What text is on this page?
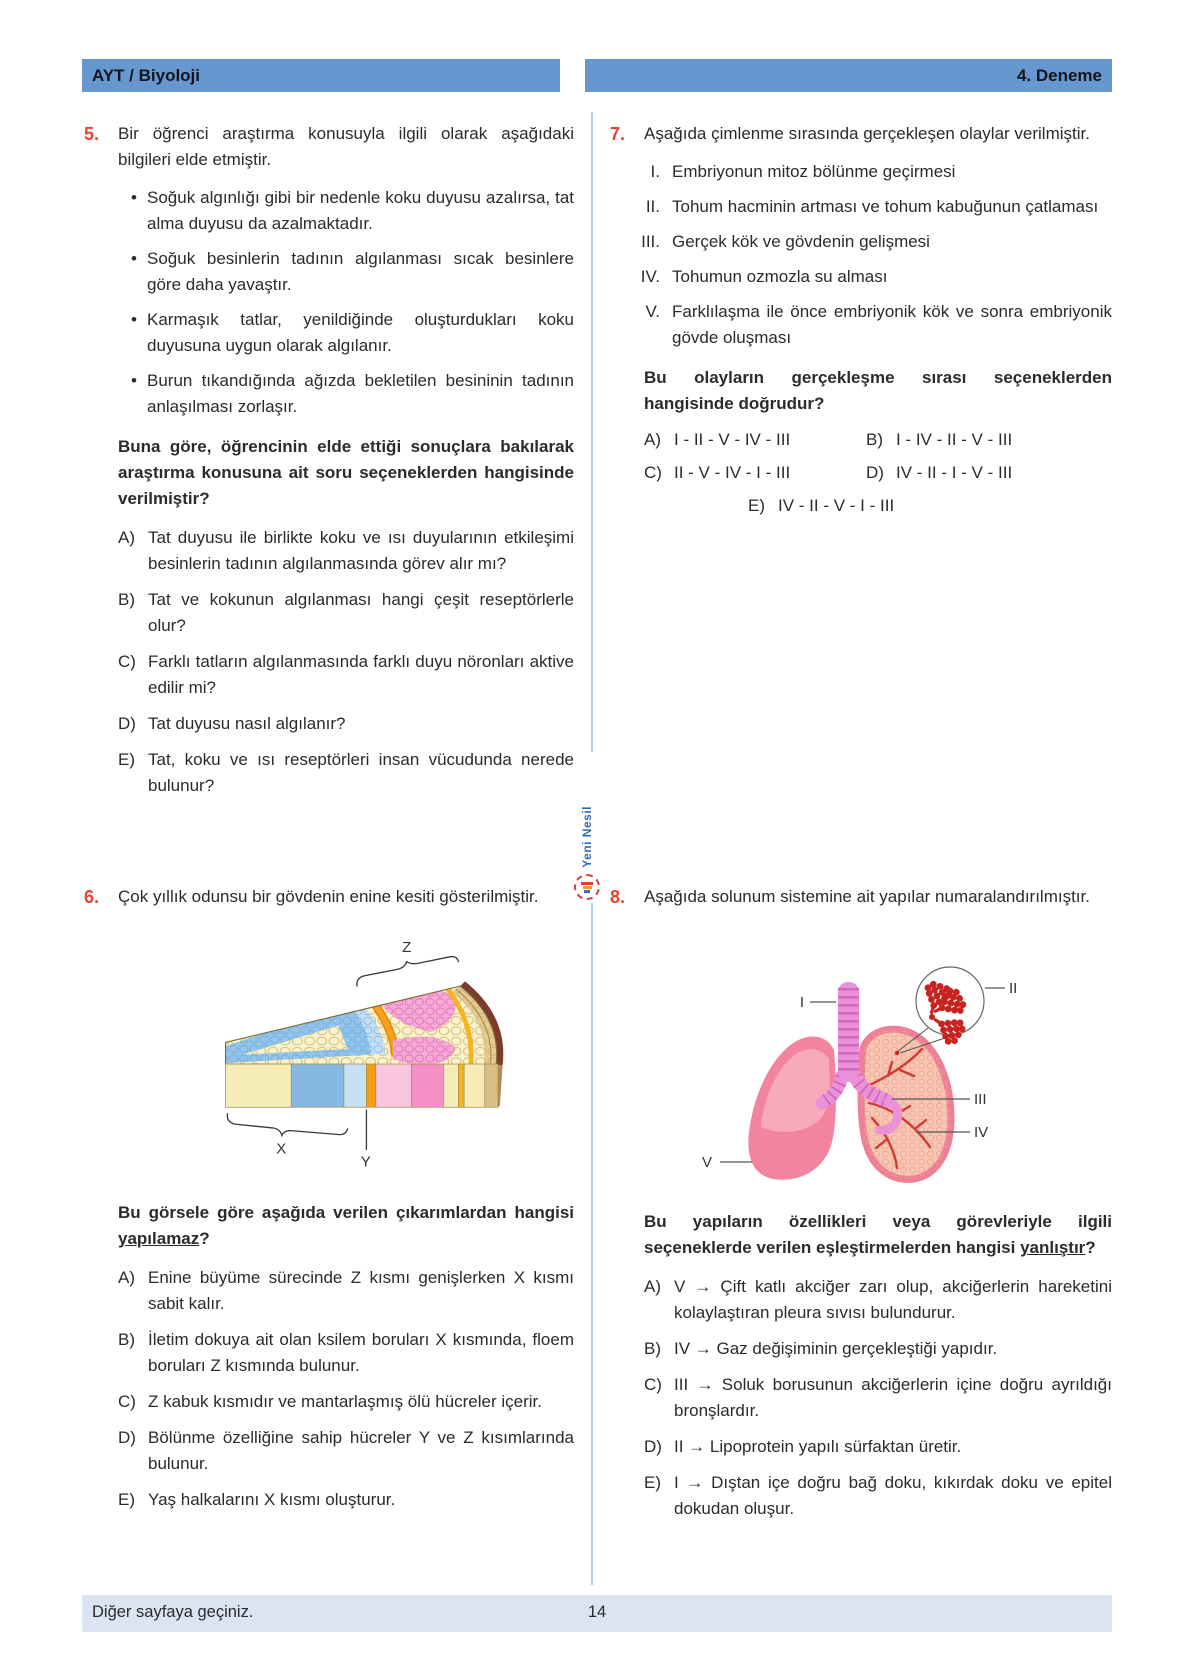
AYT / Biyoloji	4. Deneme
Yeni Nesil
5.	Bir öğrenci araştırma konusuyla ilgili olarak aşağıdaki bilgileri elde etmiştir.

• Soğuk algınlığı gibi bir nedenle koku duyusu azalırsa, tat alma duyusu da azalmaktadır.
• Soğuk besinlerin tadının algılanması sıcak besinlere göre daha yavaştır.
• Karmaşık tatlar, yenildiğinde oluşturdukları koku duyusuna uygun olarak algılanır.
• Burun tıkandığında ağızda bekletilen besininin tadının anlaşılması zorlaşır.

Buna göre, öğrencinin elde ettiği sonuçlara bakılarak araştırma konusuna ait soru seçeneklerden hangisinde verilmiştir?

A) Tat duyusu ile birlikte koku ve ısı duyularının etkileşimi besinlerin tadının algılanmasında görev alır mı?
B) Tat ve kokunun algılanması hangi çeşit reseptörlerle olur?
C) Farklı tatların algılanmasında farklı duyu nöronları aktive edilir mi?
D) Tat duyusu nasıl algılanır?
E) Tat, koku ve ısı reseptörleri insan vücudunda nerede bulunur?
6.	Çok yıllık odunsu bir gövdenin enine kesiti gösterilmiştir.

Z
X
Y

Bu görsele göre aşağıda verilen çıkarımlardan hangisi yapılamaz?

A) Enine büyüme sürecinde Z kısmı genişlerken X kısmı sabit kalır.
B) İletim dokuya ait olan ksilem boruları X kısmında, floem boruları Z kısmında bulunur.
C) Z kabuk kısmıdır ve mantarlaşmış ölü hücreler içerir.
D) Bölünme özelliğine sahip hücreler Y ve Z kısımlarında bulunur.
E) Yaş halkalarını X kısmı oluşturur.
7.	Aşağıda çimlenme sırasında gerçekleşen olaylar verilmiştir.

I. Embriyonun mitoz bölünme geçirmesi
II. Tohum hacminin artması ve tohum kabuğunun çatlaması
III. Gerçek kök ve gövdenin gelişmesi
IV. Tohumun ozmozla su alması
V. Farklılaşma ile önce embriyonik kök ve sonra embriyonik gövde oluşması

Bu olayların gerçekleşme sırası seçeneklerden hangisinde doğrudur?

A) I - II - V - IV - III	B) I - IV - II - V - III
C) II - V - IV - I - III	D) IV - II - I - V - III
E) IV - II - V - I - III
8.	Aşağıda solunum sistemine ait yapılar numaralandırılmıştır.

I
II
III
IV
V

Bu yapıların özellikleri veya görevleriyle ilgili seçeneklerde verilen eşleştirmelerden hangisi yanlıştır?

A) V → Çift katlı akciğer zarı olup, akciğerlerin hareketini kolaylaştıran pleura sıvısı bulundurur.
B) IV → Gaz değişiminin gerçekleştiği yapıdır.
C) III → Soluk borusunun akciğerlerin içine doğru ayrıldığı bronşlardır.
D) II → Lipoprotein yapılı sürfaktan üretir.
E) I → Dıştan içe doğru bağ doku, kıkırdak doku ve epitel dokudan oluşur.
Diğer sayfaya geçiniz.	14
